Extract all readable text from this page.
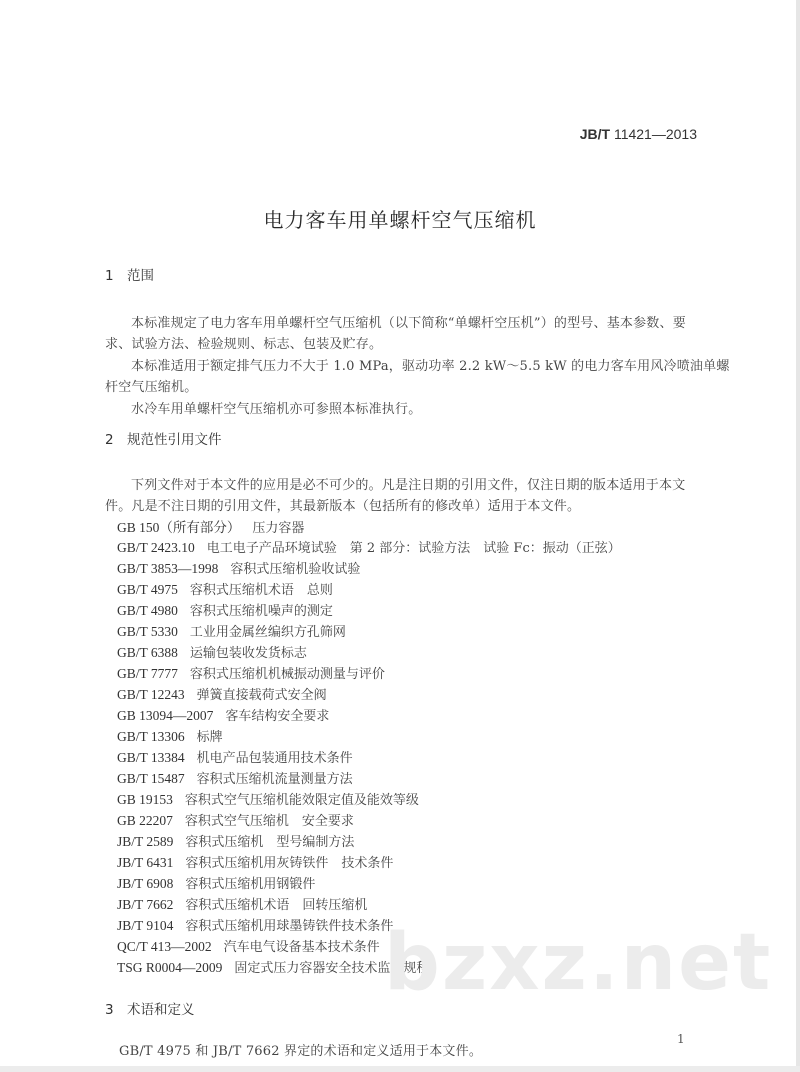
JB/T 11421—2013
电力客车用单螺杆空气压缩机
1 范围
本标准规定了电力客车用单螺杆空气压缩机（以下简称“单螺杆空压机”）的型号、基本参数、要
求、试验方法、检验规则、标志、包装及贮存。
本标准适用于额定排气压力不大于 1.0 MPa，驱动功率 2.2 kW～5.5 kW 的电力客车用风冷喷油单螺
杆空气压缩机。
水冷车用单螺杆空气压缩机亦可参照本标准执行。
2 规范性引用文件
下列文件对于本文件的应用是必不可少的。凡是注日期的引用文件，仅注日期的版本适用于本文
件。凡是不注日期的引用文件，其最新版本（包括所有的修改单）适用于本文件。
GB 150（所有部分） 压力容器
GB/T 2423.10 电工电子产品环境试验　第 2 部分：试验方法　试验 Fc：振动（正弦）
GB/T 3853—1998 容积式压缩机验收试验
GB/T 4975 容积式压缩机术语　总则
GB/T 4980 容积式压缩机噪声的测定
GB/T 5330 工业用金属丝编织方孔筛网
GB/T 6388 运输包装收发货标志
GB/T 7777 容积式压缩机机械振动测量与评价
GB/T 12243 弹簧直接载荷式安全阀
GB 13094—2007 客车结构安全要求
GB/T 13306 标牌
GB/T 13384 机电产品包装通用技术条件
GB/T 15487 容积式压缩机流量测量方法
GB 19153 容积式空气压缩机能效限定值及能效等级
GB 22207 容积式空气压缩机　安全要求
JB/T 2589 容积式压缩机　型号编制方法
JB/T 6431 容积式压缩机用灰铸铁件　技术条件
JB/T 6908 容积式压缩机用钢锻件
JB/T 7662 容积式压缩机术语　回转压缩机
JB/T 9104 容积式压缩机用球墨铸铁件技术条件
QC/T 413—2002 汽车电气设备基本技术条件
TSG R0004—2009 固定式压力容器安全技术监察规程
bzxz.net
3 术语和定义
GB/T 4975 和 JB/T 7662 界定的术语和定义适用于本文件。
1
